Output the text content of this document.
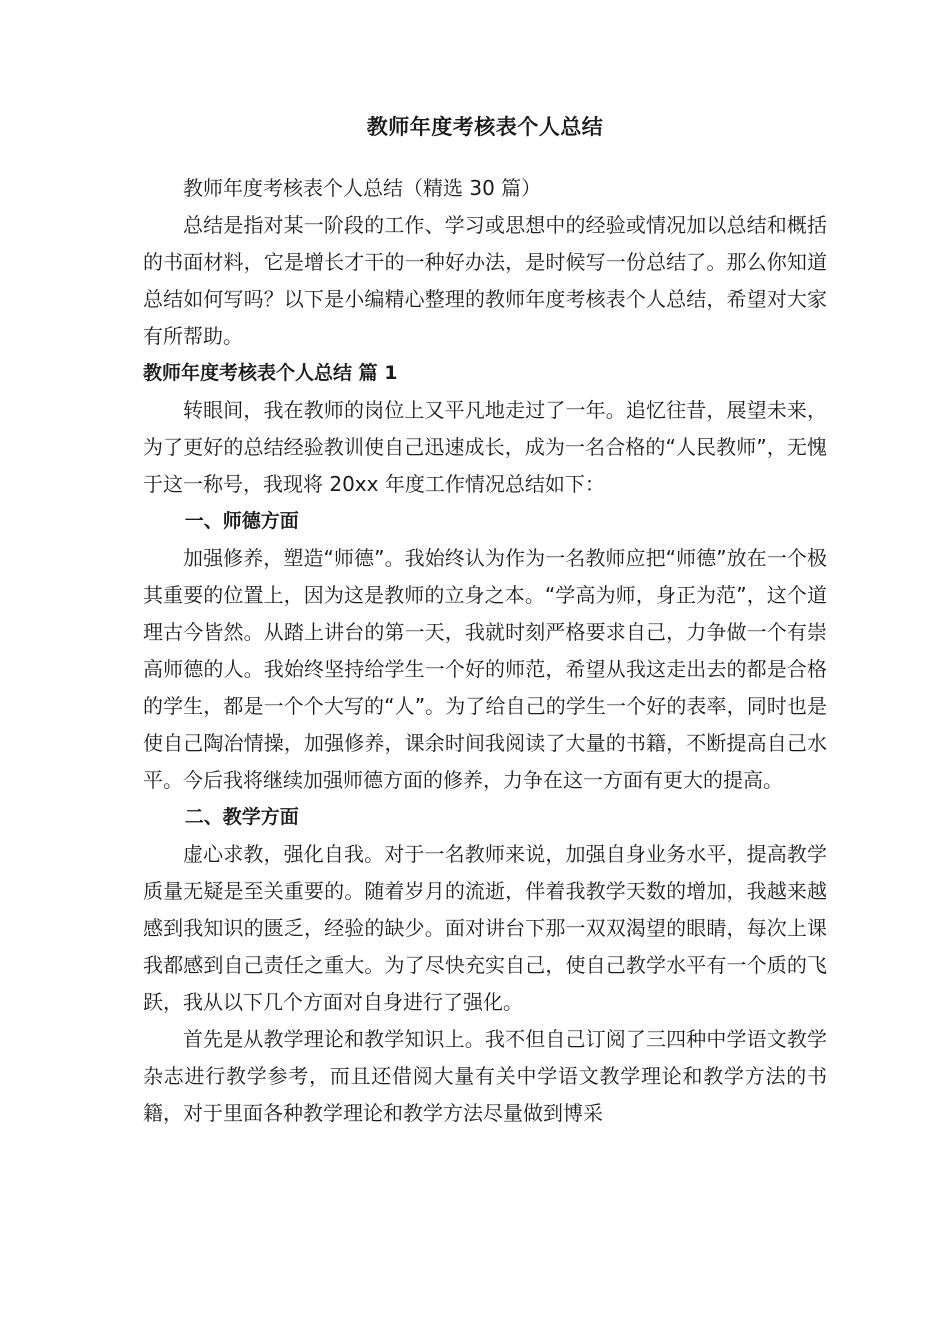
教师年度考核表个人总结

教师年度考核表个人总结（精选 30 篇）

总结是指对某一阶段的工作、学习或思想中的经验或情况加以总结和概括的书面材料，它是增长才干的一种好办法，是时候写一份总结了。那么你知道总结如何写吗？以下是小编精心整理的教师年度考核表个人总结，希望对大家有所帮助。

教师年度考核表个人总结 篇 1

转眼间，我在教师的岗位上又平凡地走过了一年。追忆往昔，展望未来，为了更好的总结经验教训使自己迅速成长，成为一名合格的“人民教师”，无愧于这一称号，我现将 20xx 年度工作情况总结如下：

一、师德方面

加强修养，塑造“师德”。我始终认为作为一名教师应把“师德”放在一个极其重要的位置上，因为这是教师的立身之本。“学高为师，身正为范”，这个道理古今皆然。从踏上讲台的第一天，我就时刻严格要求自己，力争做一个有崇高师德的人。我始终坚持给学生一个好的师范，希望从我这走出去的都是合格的学生，都是一个个大写的“人”。为了给自己的学生一个好的表率，同时也是使自己陶冶情操，加强修养，课余时间我阅读了大量的书籍，不断提高自己水平。今后我将继续加强师德方面的修养，力争在这一方面有更大的提高。

二、教学方面

虚心求教，强化自我。对于一名教师来说，加强自身业务水平，提高教学质量无疑是至关重要的。随着岁月的流逝，伴着我教学天数的增加，我越来越感到我知识的匮乏，经验的缺少。面对讲台下那一双双渴望的眼睛，每次上课我都感到自己责任之重大。为了尽快充实自己，使自己教学水平有一个质的飞跃，我从以下几个方面对自身进行了强化。

首先是从教学理论和教学知识上。我不但自己订阅了三四种中学语文教学杂志进行教学参考，而且还借阅大量有关中学语文教学理论和教学方法的书籍，对于里面各种教学理论和教学方法尽量做到博采
